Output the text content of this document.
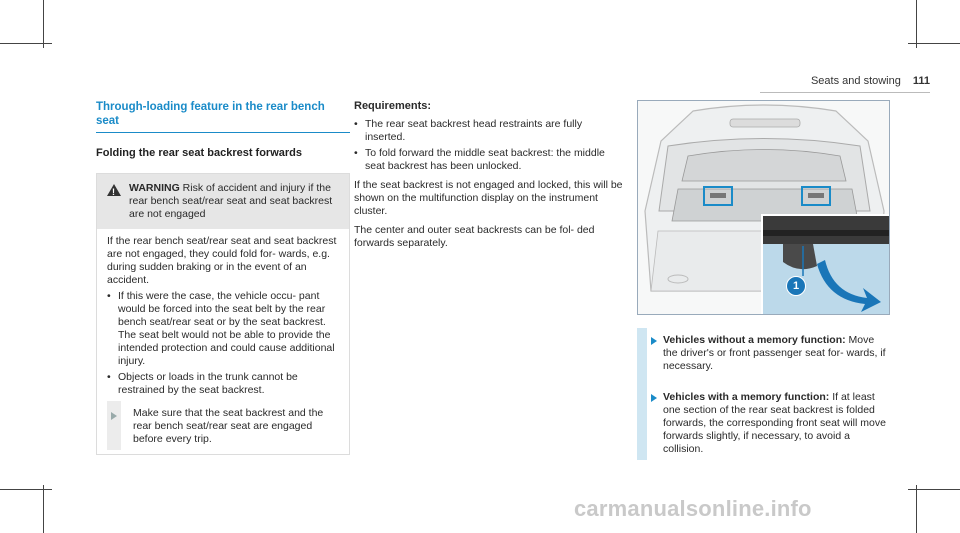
Seats and stowing 111
Through-loading feature in the rear bench seat
Folding the rear seat backrest forwards
! WARNING Risk of accident and injury if the rear bench seat/rear seat and seat backrest are not engaged

If the rear bench seat/rear seat and seat backrest are not engaged, they could fold for- wards, e.g. during sudden braking or in the event of an accident.

• If this were the case, the vehicle occu- pant would be forced into the seat belt by the rear bench seat/rear seat or by the seat backrest. The seat belt would not be able to provide the intended protection and could cause additional injury.
• Objects or loads in the trunk cannot be restrained by the seat backrest.
Make sure that the seat backrest and the rear bench seat/rear seat are engaged before every trip.
Requirements:
• The rear seat backrest head restraints are fully inserted.
• To fold forward the middle seat backrest: the middle seat backrest has been unlocked.

If the seat backrest is not engaged and locked, this will be shown on the multifunction display on the instrument cluster.

The center and outer seat backrests can be fol- ded forwards separately.

1
Vehicles without a memory function: Move the driver's or front passenger seat for- wards, if necessary.
Vehicles with a memory function: If at least one section of the rear seat backrest is folded forwards, the corresponding front seat will move forwards slightly, if necessary, to avoid a collision.
carmanualsonline.info
